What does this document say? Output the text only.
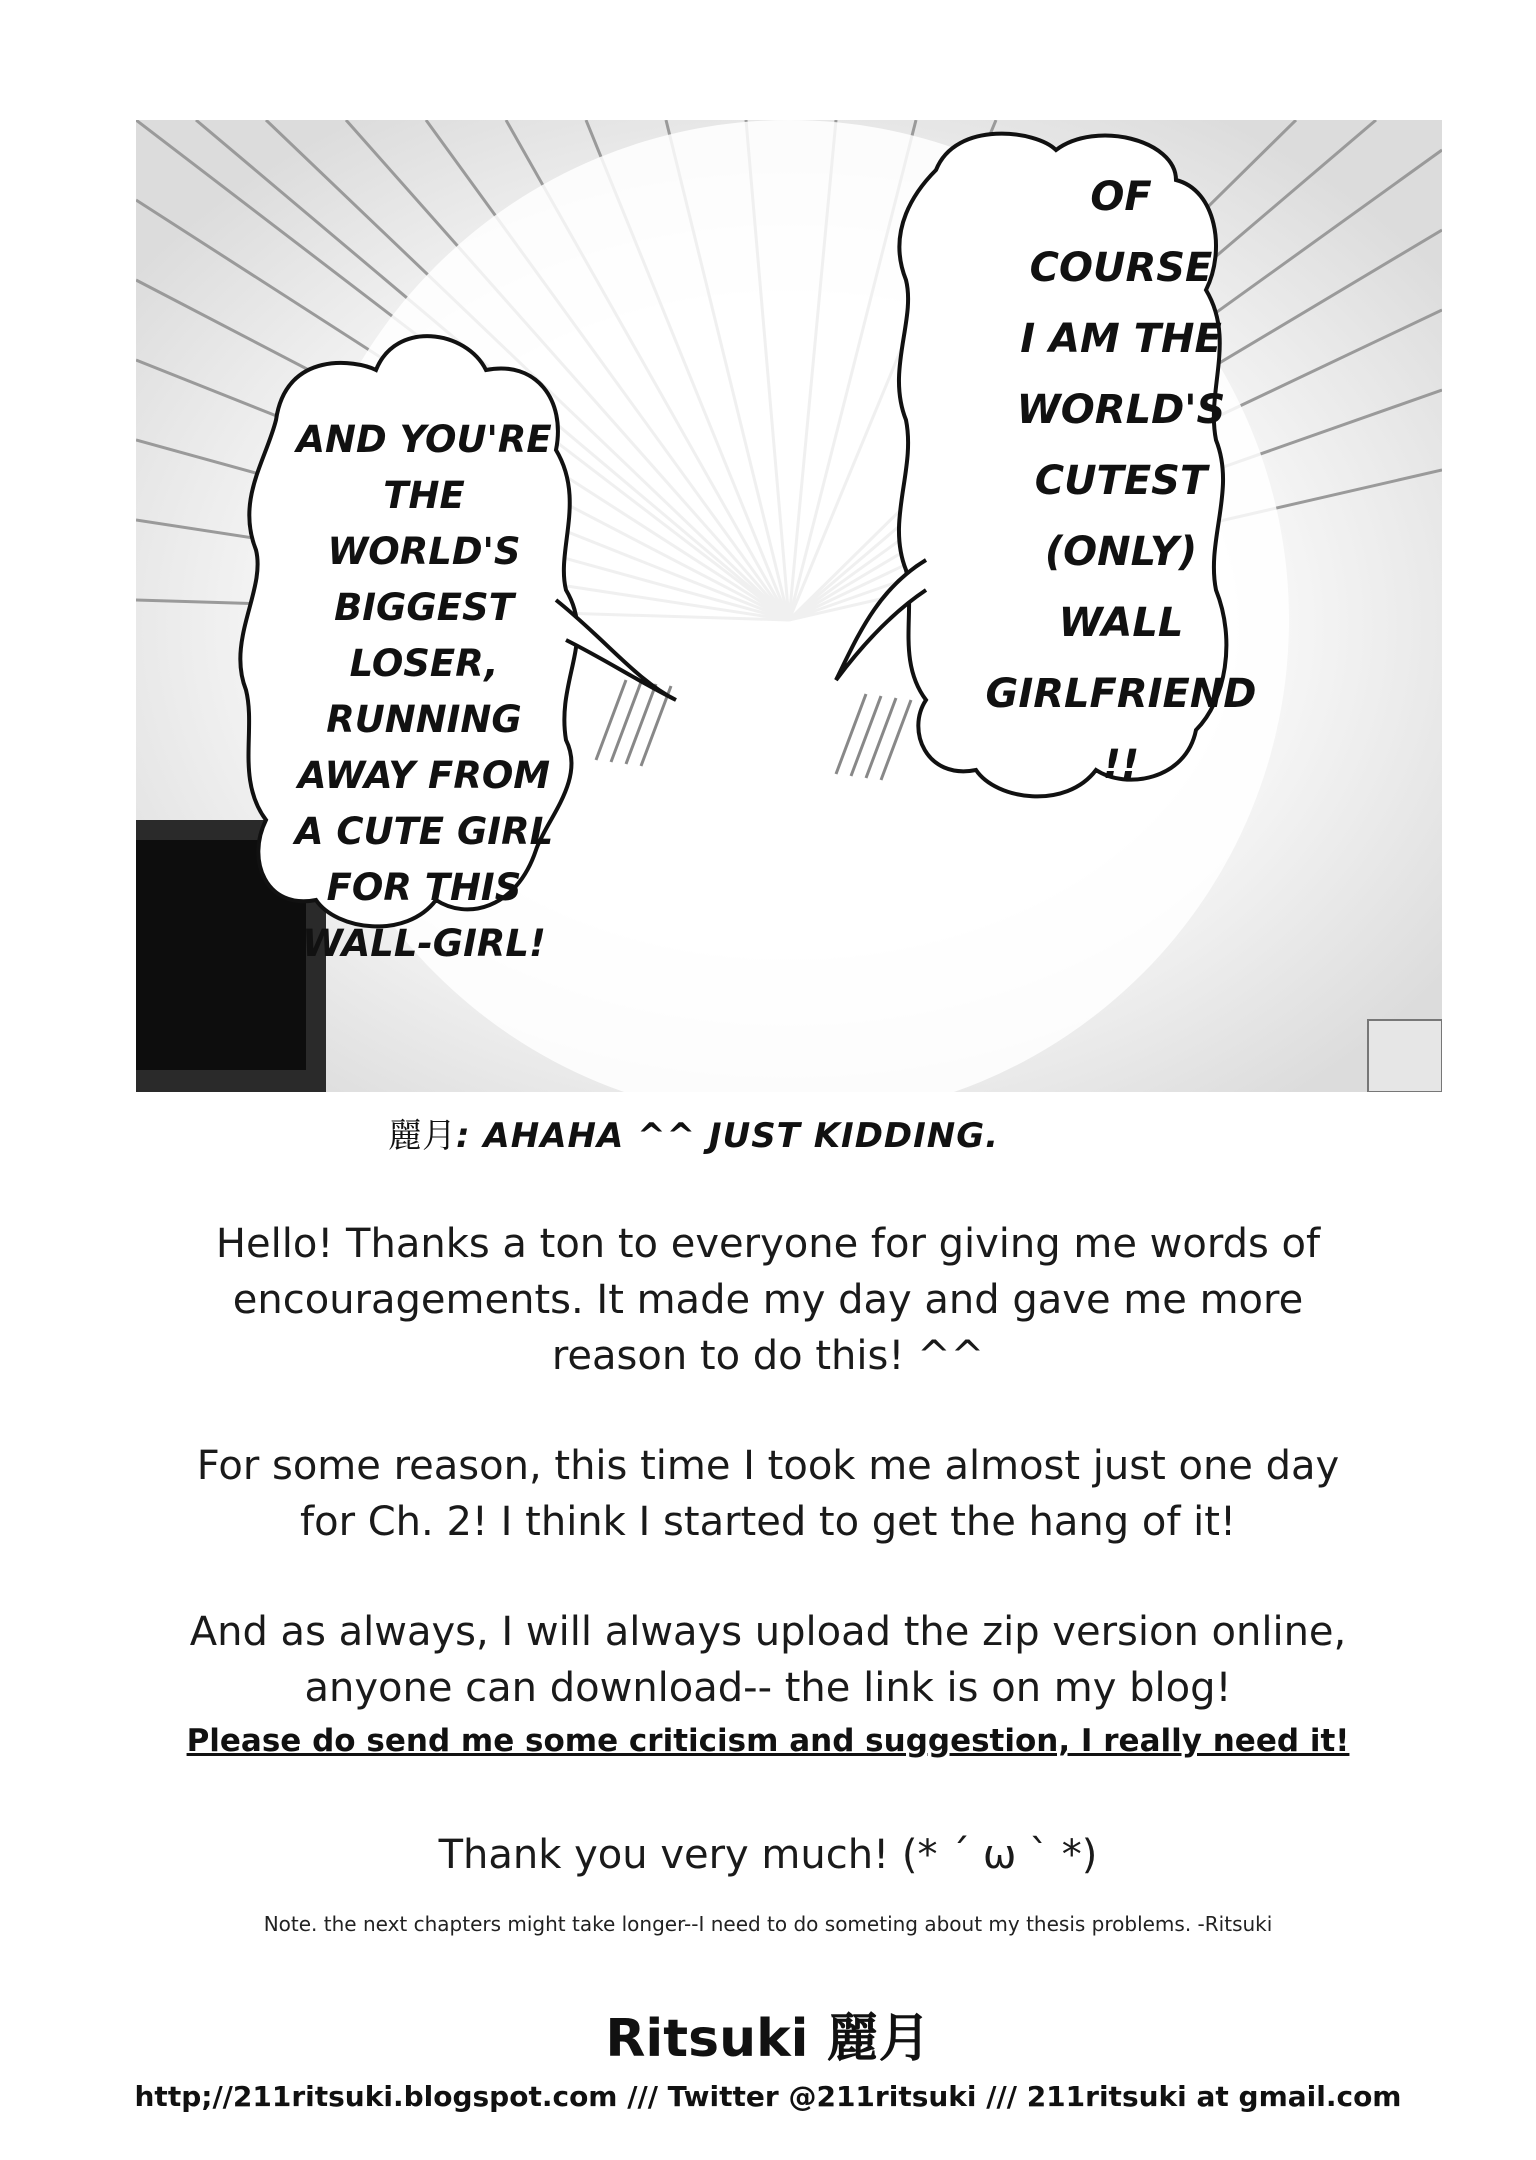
AND YOU'RE
THE
WORLD'S
BIGGEST
LOSER,
RUNNING
AWAY FROM
A CUTE GIRL
FOR THIS
WALL-GIRL!
OF
COURSE
I AM THE
WORLD'S
CUTEST
(ONLY)
WALL
GIRLFRIEND
!!
麗月: AHAHA ^^ JUST KIDDING.
Hello! Thanks a ton to everyone for giving me words of
encouragements. It made my day and gave me more
reason to do this! ^^
For some reason, this time I took me almost just one day
for Ch. 2! I think I started to get the hang of it!
And as always, I will always upload the zip version online,
anyone can download-- the link is on my blog!
Please do send me some criticism and suggestion, I really need it!
Thank you very much! (* ´ ω ` *)
Note. the next chapters might take longer--I need to do someting about my thesis problems. -Ritsuki
Ritsuki 麗月
http;//211ritsuki.blogspot.com /// Twitter @211ritsuki /// 211ritsuki at gmail.com
